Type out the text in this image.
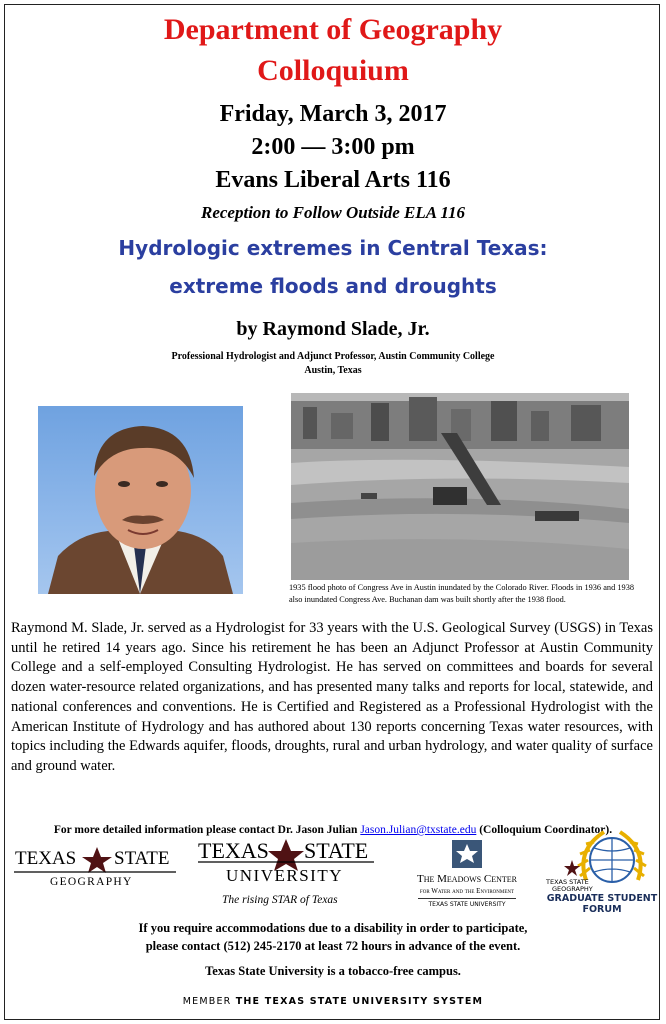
Department of Geography
Colloquium
Friday, March 3, 2017
2:00 — 3:00 pm
Evans Liberal Arts 116
Reception to Follow Outside ELA 116
Hydrologic extremes in Central Texas:
extreme floods and droughts
by Raymond Slade, Jr.
Professional Hydrologist and Adjunct Professor, Austin Community College
Austin, Texas
1935 flood photo of Congress Ave in Austin inundated by the Colorado River. Floods in 1936 and 1938 also inundated Congress Ave. Buchanan dam was built shortly after the 1938 flood.
Raymond M. Slade, Jr. served as a Hydrologist for 33 years with the U.S. Geological Survey (USGS) in Texas until he retired 14 years ago. Since his retirement he has been an Adjunct Professor at Austin Community College and a self-employed Consulting Hydrologist. He has served on committees and boards for several dozen water-resource related organizations, and has presented many talks and reports for local, statewide, and national conferences and conventions. He is Certified and Registered as a Professional Hydrologist with the American Institute of Hydrology and has authored about 130 reports concerning Texas water resources, with topics including the Edwards aquifer, floods, droughts, rural and urban hydrology, and water quality of surface and ground water.
For more detailed information please contact Dr. Jason Julian Jason.Julian@txstate.edu (Colloquium Coordinator).
TEXAS STATE
GEOGRAPHY
TEXAS STATE
UNIVERSITY
The rising STAR of Texas
The Meadows Center
for Water and the Environment
TEXAS STATE UNIVERSITY
TEXAS STATE
GEOGRAPHY
GRADUATE STUDENT
FORUM
If you require accommodations due to a disability in order to participate,
please contact (512) 245-2170 at least 72 hours in advance of the event.
Texas State University is a tobacco-free campus.
MEMBER THE TEXAS STATE UNIVERSITY SYSTEM
